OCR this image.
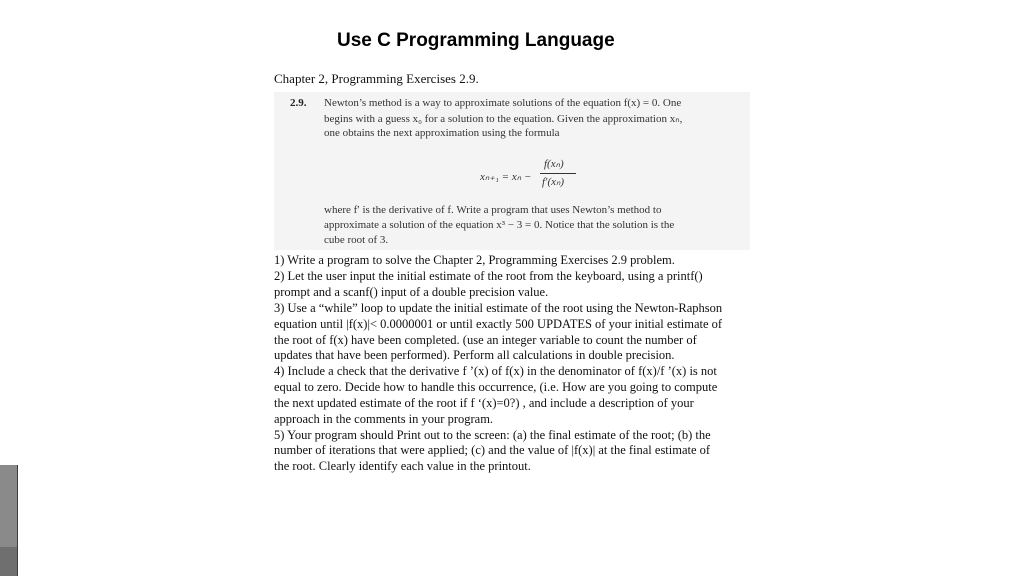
Use C Programming Language
Chapter 2, Programming Exercises 2.9.
2.9. Newton’s method is a way to approximate solutions of the equation f(x) = 0. One
begins with a guess x₀ for a solution to the equation. Given the approximation xₙ,
one obtains the next approximation using the formula
xₙ₊₁ = xₙ −
f(xₙ)
f′(xₙ)
where f′ is the derivative of f. Write a program that uses Newton’s method to
approximate a solution of the equation x³ − 3 = 0. Notice that the solution is the
cube root of 3.
1) Write a program to solve the Chapter 2, Programming Exercises 2.9 problem.
2) Let the user input the initial estimate of the root from the keyboard, using a printf()
prompt and a scanf() input of a double precision value.
3) Use a “while” loop to update the initial estimate of the root using the Newton-Raphson
equation until |f(x)|< 0.0000001 or until exactly 500 UPDATES of your initial estimate of
the root of f(x) have been completed. (use an integer variable to count the number of
updates that have been performed). Perform all calculations in double precision.
4) Include a check that the derivative f ’(x) of f(x) in the denominator of f(x)/f ’(x) is not
equal to zero. Decide how to handle this occurrence, (i.e. How are you going to compute
the next updated estimate of the root if f ‘(x)=0?) , and include a description of your
approach in the comments in your program.
5) Your program should Print out to the screen: (a) the final estimate of the root; (b) the
number of iterations that were applied; (c) and the value of |f(x)| at the final estimate of
the root. Clearly identify each value in the printout.
